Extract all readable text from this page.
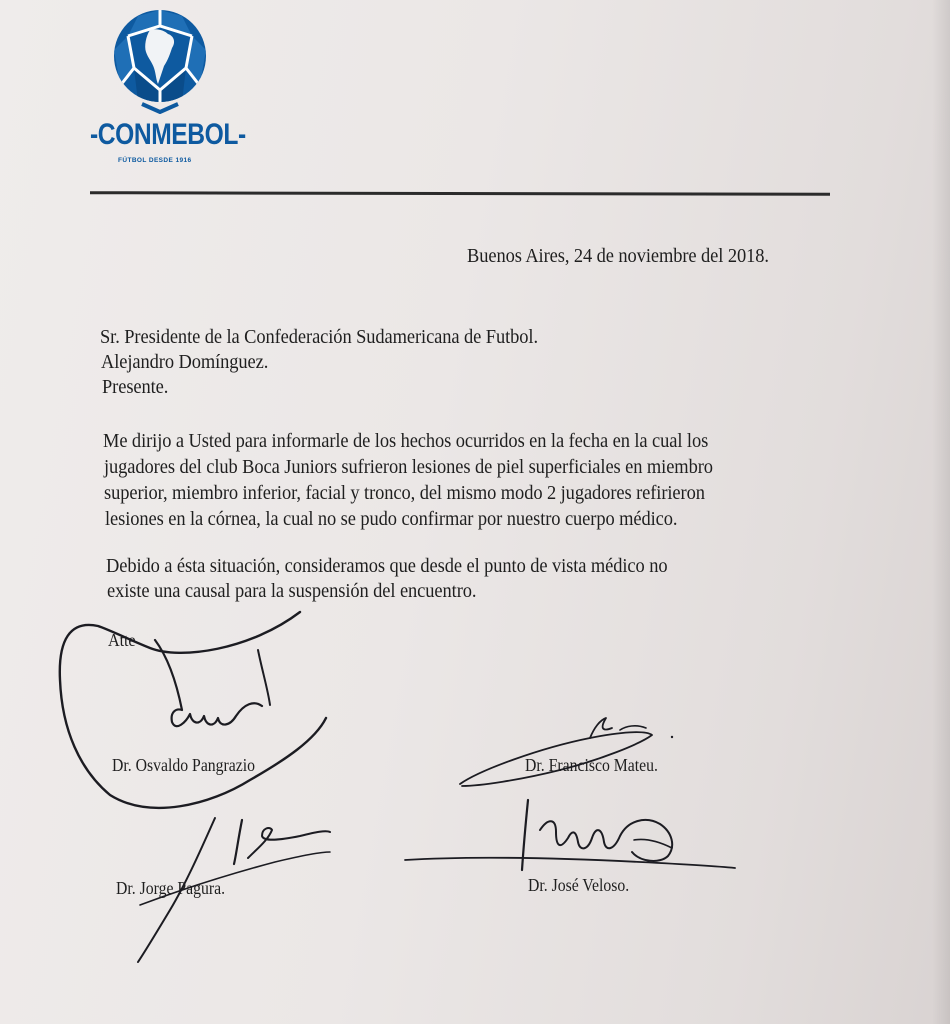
-CONMEBOL-
FÚTBOL DESDE 1916
Buenos Aires, 24 de noviembre del 2018.
Sr. Presidente de la Confederación Sudamericana de Futbol.
Alejandro Domínguez.
Presente.
Me dirijo a Usted para informarle de los hechos ocurridos en la fecha en la cual los
jugadores del club Boca Juniors sufrieron lesiones de piel superficiales en miembro
superior, miembro inferior, facial y tronco, del mismo modo 2 jugadores refirieron
lesiones en la córnea, la cual no se pudo confirmar por nuestro cuerpo médico.
Debido a ésta situación, consideramos que desde el punto de vista médico no
existe una causal para la suspensión del encuentro.
Atte
Dr. Osvaldo Pangrazio	Dr. Francisco Mateu.
Dr. Jorge Pagura.	Dr. José Veloso.
